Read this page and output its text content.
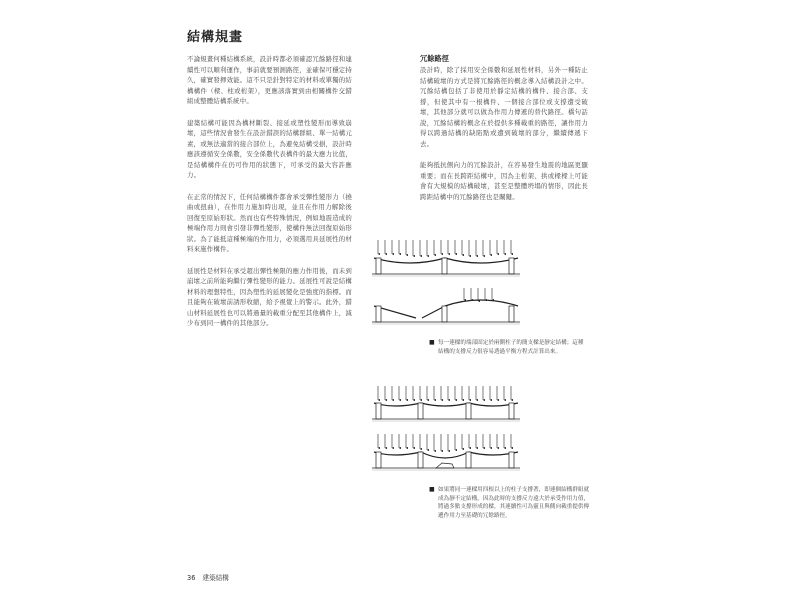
結構規畫

不論規畫何種結構系統，設計時都必須確認冗餘路徑和連續性可以順利運作，事前就要預測路徑，並確保可穩定持久，確實發揮效能。這不只是針對特定的材料或單獨的結構構件（樑、柱或桁架），更應該落實到由相關構件交錯組成整體結構系統中。

建築結構可能因為構材斷裂、接延或塑性變形而導致崩壞，這些情況會發生在設計錯誤的結構群組、單一結構元素，或無法適當的接合部位上，為避免結構受損，設計時應該遵循安全係數，安全係數代表構件的最大應力比值，是結構構件在仍可作用的狀態下，可承受的最大容許應力。

在正常的情況下，任何結構構件都會承受彈性變形力（撓曲或扭曲），在作用力施加時出現，並且在作用力解除後回復至原始形狀。然而也有些特殊情況，例如地震造成的極端作用力則會引發非彈性變形，使構件無法回復原始形狀。為了能抵這種極端的作用力，必須選用具延展性的材料來施作構件。

延展性是材料在承受超出彈性極限的應力作用後，而未到崩壞之前所能夠繼行彈性變形的能力。延展性可說是結構材料的理想特性，因為塑性的延展變化是強度的指標。而且能夠在破壞前誘形收縮，給予視覺上的警示。此外，錯山材料延展性也可以將過量的載重分配至其他構件上，減少布到同一構件的其他部分。

冗餘路徑

設計時，除了採用安全係數和延展性材料，另外一種防止結構破壞的方式是將冗餘路徑的概念導入結構設計之中。冗餘結構包括了非使用於靜定結構的構件、接合部、支撐，但使其中有一根構件、一個接合部位或支撐遭受破壞，其他部分就可以做為作用力傳遞的替代路徑。橋句話說，冗餘結構的概念在於提供多種載重的路徑，讓作用力得以跨過結構的缺陷點或遭到破壞的部分，繼續傳遞下去。

能夠抵抗側向力的冗餘設計，在容易發生地震的地區更顯重要；而在長跨距結構中，因為主桁架、拱或樑樑上可能會有大規模的結構破壞，甚至是整體坍塌的情形，因此長跨距結構中的冗餘路徑也是關鍵。

■ 每一連樑的端部固定於兩側柱子的簡支樑是靜定結構；這種結構的支撐反力很容易透過平衡方程式計算出來。
■ 如果將同一連樑用四根以上的柱子支撐著，即連個結構群組就成為靜不定結構，因為此時的支撐反力遠大於承受作用力值，將過多點支撐形成的樑，其連續性可為靈且與側向載重提供傳遞作用力至基礎的冗餘路徑。
36 建築結構
